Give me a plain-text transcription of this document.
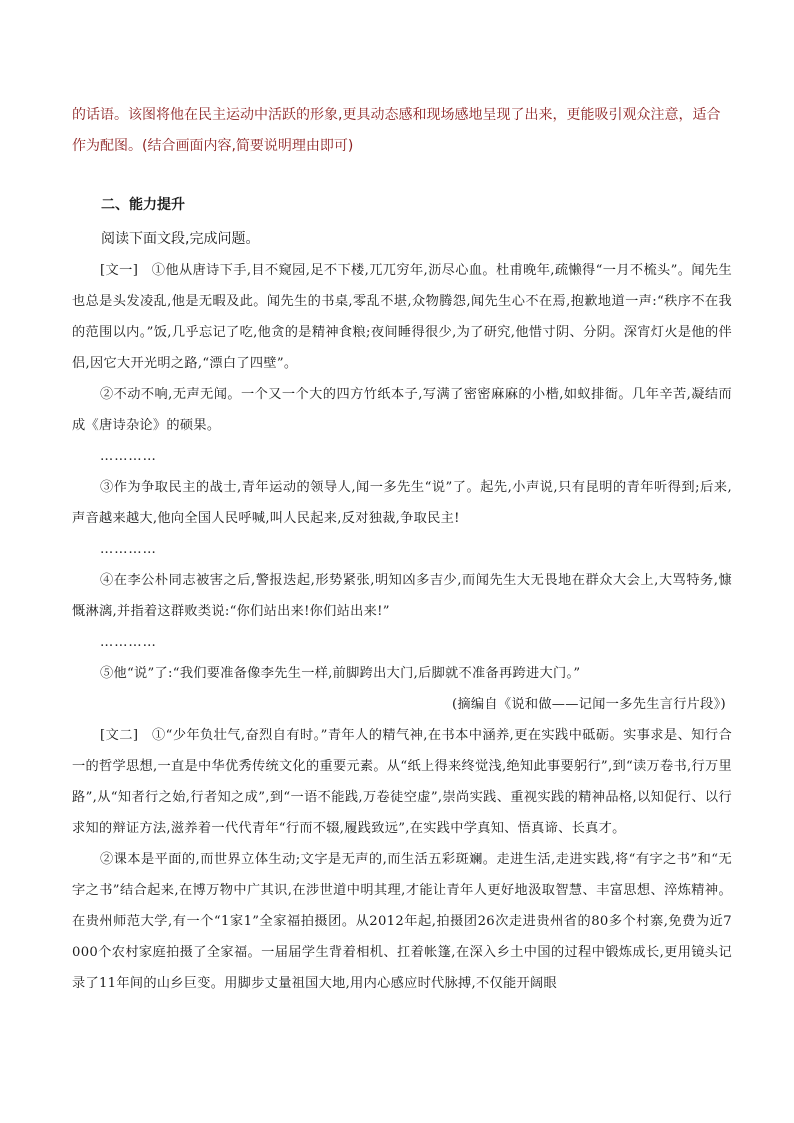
的话语。该图将他在民主运动中活跃的形象,更具动态感和现场感地呈现了出来，更能吸引观众注意，适合
作为配图。(结合画面内容,简要说明理由即可)
二、能力提升
阅读下面文段,完成问题。

[文一]　①他从唐诗下手,目不窥园,足不下楼,兀兀穷年,沥尽心血。杜甫晚年,疏懒得“一月不梳头”。闻先生也总是头发凌乱,他是无暇及此。闻先生的书桌,零乱不堪,众物腾怨,闻先生心不在焉,抱歉地道一声:“秩序不在我的范围以内。”饭,几乎忘记了吃,他贪的是精神食粮;夜间睡得很少,为了研究,他惜寸阴、分阴。深宵灯火是他的伴侣,因它大开光明之路,“漂白了四壁”。

②不动不响,无声无闻。一个又一个大的四方竹纸本子,写满了密密麻麻的小楷,如蚁排衙。几年辛苦,凝结而成《唐诗杂论》的硕果。

…………

③作为争取民主的战士,青年运动的领导人,闻一多先生“说”了。起先,小声说,只有昆明的青年听得到;后来,声音越来越大,他向全国人民呼喊,叫人民起来,反对独裁,争取民主!

…………

④在李公朴同志被害之后,警报迭起,形势紧张,明知凶多吉少,而闻先生大无畏地在群众大会上,大骂特务,慷慨淋漓,并指着这群败类说:“你们站出来!你们站出来!”

…………

⑤他“说”了:“我们要准备像李先生一样,前脚跨出大门,后脚就不准备再跨进大门。”

(摘编自《说和做——记闻一多先生言行片段》)

[文二]　①“少年负壮气,奋烈自有时。”青年人的精气神,在书本中涵养,更在实践中砥砺。实事求是、知行合一的哲学思想,一直是中华优秀传统文化的重要元素。从“纸上得来终觉浅,绝知此事要躬行”,到“读万卷书,行万里路”,从“知者行之始,行者知之成”,到“一语不能践,万卷徒空虚”,崇尚实践、重视实践的精神品格,以知促行、以行求知的辩证方法,滋养着一代代青年“行而不辍,履践致远”,在实践中学真知、悟真谛、长真才。

②课本是平面的,而世界立体生动;文字是无声的,而生活五彩斑斓。走进生活,走进实践,将“有字之书”和“无字之书”结合起来,在博万物中广其识,在涉世道中明其理,才能让青年人更好地汲取智慧、丰富思想、淬炼精神。在贵州师范大学,有一个“1家1”全家福拍摄团。从2012年起,拍摄团26次走进贵州省的80多个村寨,免费为近7 000个农村家庭拍摄了全家福。一届届学生背着相机、扛着帐篷,在深入乡土中国的过程中锻炼成长,更用镜头记录了11年间的山乡巨变。用脚步丈量祖国大地,用内心感应时代脉搏,不仅能开阔眼
